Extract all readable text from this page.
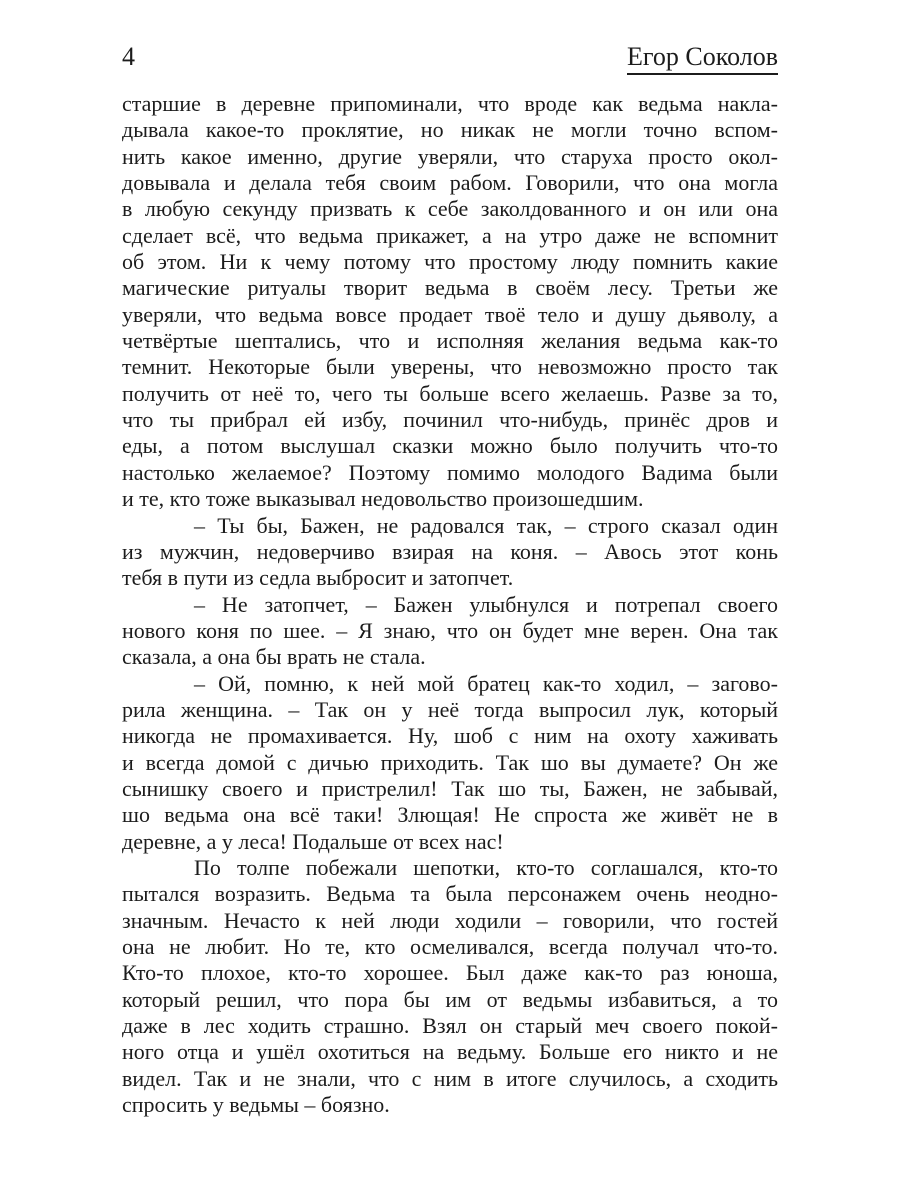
4	Егор Соколов
старшие в деревне припоминали, что вроде как ведьма накла-
дывала какое-то проклятие, но никак не могли точно вспом-
нить какое именно, другие уверяли, что старуха просто окол-
довывала и делала тебя своим рабом. Говорили, что она могла
в любую секунду призвать к себе заколдованного и он или она
сделает всё, что ведьма прикажет, а на утро даже не вспомнит
об этом. Ни к чему потому что простому люду помнить какие
магические ритуалы творит ведьма в своём лесу. Третьи же
уверяли, что ведьма вовсе продает твоё тело и душу дьяволу, а
четвёртые шептались, что и исполняя желания ведьма как-то
темнит. Некоторые были уверены, что невозможно просто так
получить от неё то, чего ты больше всего желаешь. Разве за то,
что ты прибрал ей избу, починил что-нибудь, принёс дров и
еды, а потом выслушал сказки можно было получить что-то
настолько желаемое? Поэтому помимо молодого Вадима были
и те, кто тоже выказывал недовольство произошедшим.
– Ты бы, Бажен, не радовался так, – строго сказал один
из мужчин, недоверчиво взирая на коня. – Авось этот конь
тебя в пути из седла выбросит и затопчет.
– Не затопчет, – Бажен улыбнулся и потрепал своего
нового коня по шее. – Я знаю, что он будет мне верен. Она так
сказала, а она бы врать не стала.
– Ой, помню, к ней мой братец как-то ходил, – загово-
рила женщина. – Так он у неё тогда выпросил лук, который
никогда не промахивается. Ну, шоб с ним на охоту хаживать
и всегда домой с дичью приходить. Так шо вы думаете? Он же
сынишку своего и пристрелил! Так шо ты, Бажен, не забывай,
шо ведьма она всё таки! Злющая! Не спроста же живёт не в
деревне, а у леса! Подальше от всех нас!
По толпе побежали шепотки, кто-то соглашался, кто-то
пытался возразить. Ведьма та была персонажем очень неодно-
значным. Нечасто к ней люди ходили – говорили, что гостей
она не любит. Но те, кто осмеливался, всегда получал что-то.
Кто-то плохое, кто-то хорошее. Был даже как-то раз юноша,
который решил, что пора бы им от ведьмы избавиться, а то
даже в лес ходить страшно. Взял он старый меч своего покой-
ного отца и ушёл охотиться на ведьму. Больше его никто и не
видел. Так и не знали, что с ним в итоге случилось, а сходить
спросить у ведьмы – боязно.
